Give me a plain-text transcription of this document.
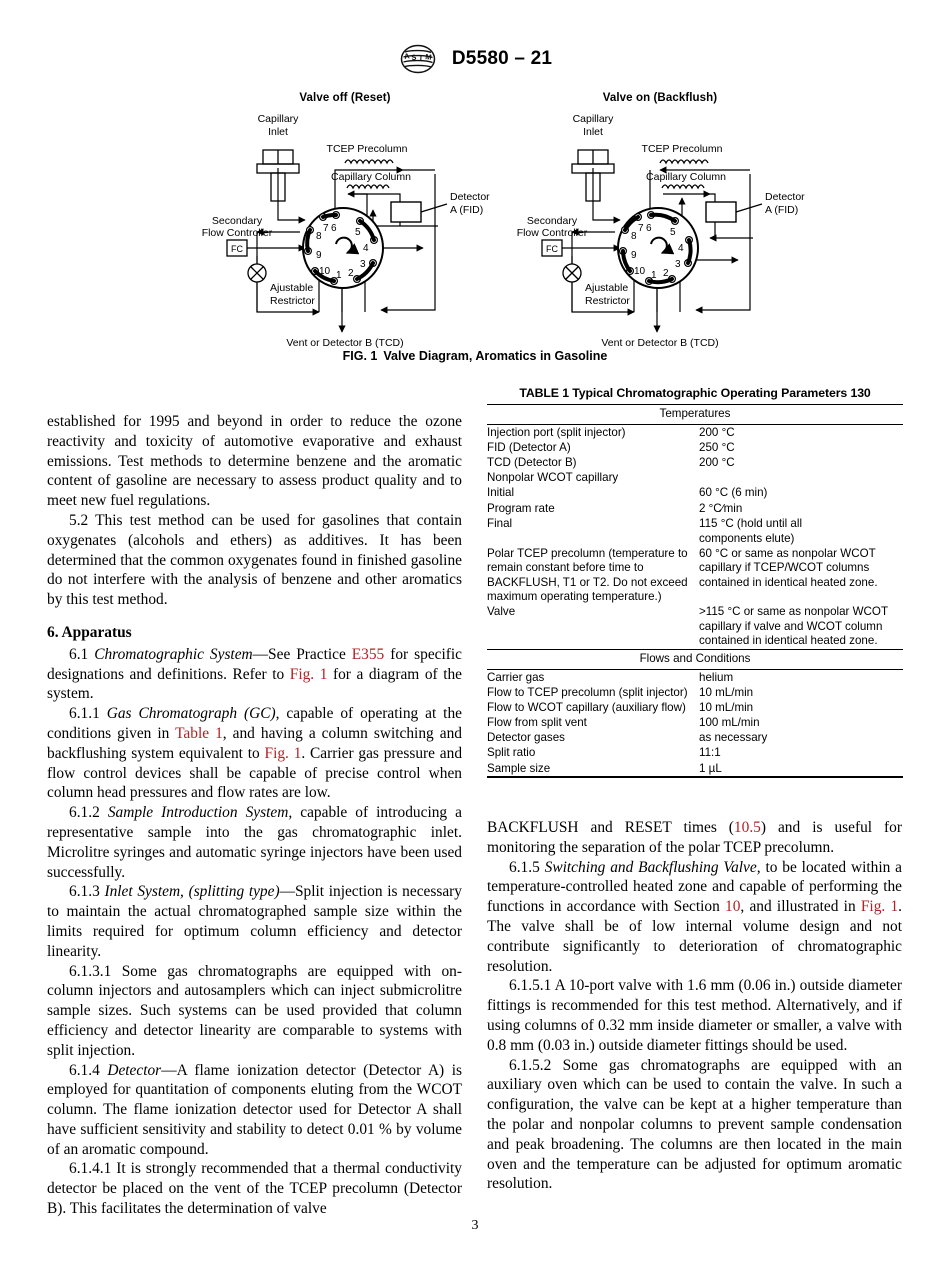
A S T M D5580 – 21

Valve off (Reset)

FC
6 5
4
3
2
1
10
9
8
7
Capillary
Inlet
TCEP Precolumn
Capillary Column
Detector
A (FID)
Secondary
Flow Controller
Ajustable
Restrictor
Vent or Detector B (TCD)

Valve on (Backflush)

FC
6 5
4
3
2
1
10
9
8
7
Capillary
Inlet
TCEP Precolumn
Capillary Column
Detector
A (FID)
Secondary
Flow Controller
Ajustable
Restrictor
Vent or Detector B (TCD)
FIG. 1 Valve Diagram, Aromatics in Gasoline
TABLE 1 Typical Chromatographic Operating Parameters 130
Temperatures	
Injection port (split injector)	200 °C
FID (Detector A)	250 °C
TCD (Detector B)	200 °C
Nonpolar WCOT capillary	
Initial	60 °C (6 min)
Program rate	2 °C∕min
Final	115 °C (hold until all
	components elute)
Polar TCEP precolumn (temperature to remain constant before time to BACKFLUSH, T1 or T2. Do not exceed maximum operating temperature.)	60 °C or same as nonpolar WCOT capillary if TCEP/WCOT columns contained in identical heated zone.
Valve	>115 °C or same as nonpolar WCOT capillary if valve and WCOT column contained in identical heated zone.
Flows and Conditions	
Carrier gas	helium
Flow to TCEP precolumn (split injector)	10 mL/min
Flow to WCOT capillary (auxiliary flow)	10 mL/min
Flow from split vent	100 mL/min
Detector gases	as necessary
Split ratio	11:1
Sample size	1 µL

established for 1995 and beyond in order to reduce the ozone reactivity and toxicity of automotive evaporative and exhaust emissions. Test methods to determine benzene and the aromatic content of gasoline are necessary to assess product quality and to meet new fuel regulations.

5.2 This test method can be used for gasolines that contain oxygenates (alcohols and ethers) as additives. It has been determined that the common oxygenates found in finished gasoline do not interfere with the analysis of benzene and other aromatics by this test method.

6. Apparatus

6.1 Chromatographic System—See Practice E355 for specific designations and definitions. Refer to Fig. 1 for a diagram of the system.

6.1.1 Gas Chromatograph (GC), capable of operating at the conditions given in Table 1, and having a column switching and backflushing system equivalent to Fig. 1. Carrier gas pressure and flow control devices shall be capable of precise control when column head pressures and flow rates are low.

6.1.2 Sample Introduction System, capable of introducing a representative sample into the gas chromatographic inlet. Microlitre syringes and automatic syringe injectors have been used successfully.

6.1.3 Inlet System, (splitting type)—Split injection is necessary to maintain the actual chromatographed sample size within the limits required for optimum column efficiency and detector linearity.

6.1.3.1 Some gas chromatographs are equipped with on-column injectors and autosamplers which can inject submicrolitre sample sizes. Such systems can be used provided that column efficiency and detector linearity are comparable to systems with split injection.

6.1.4 Detector—A flame ionization detector (Detector A) is employed for quantitation of components eluting from the WCOT column. The flame ionization detector used for Detector A shall have sufficient sensitivity and stability to detect 0.01 % by volume of an aromatic compound.

6.1.4.1 It is strongly recommended that a thermal conductivity detector be placed on the vent of the TCEP precolumn (Detector B). This facilitates the determination of valve

BACKFLUSH and RESET times (10.5) and is useful for monitoring the separation of the polar TCEP precolumn.

6.1.5 Switching and Backflushing Valve, to be located within a temperature-controlled heated zone and capable of performing the functions in accordance with Section 10, and illustrated in Fig. 1. The valve shall be of low internal volume design and not contribute significantly to deterioration of chromatographic resolution.

6.1.5.1 A 10-port valve with 1.6 mm (0.06 in.) outside diameter fittings is recommended for this test method. Alternatively, and if using columns of 0.32 mm inside diameter or smaller, a valve with 0.8 mm (0.03 in.) outside diameter fittings should be used.

6.1.5.2 Some gas chromatographs are equipped with an auxiliary oven which can be used to contain the valve. In such a configuration, the valve can be kept at a higher temperature than the polar and nonpolar columns to prevent sample condensation and peak broadening. The columns are then located in the main oven and the temperature can be adjusted for optimum aromatic resolution.

3
